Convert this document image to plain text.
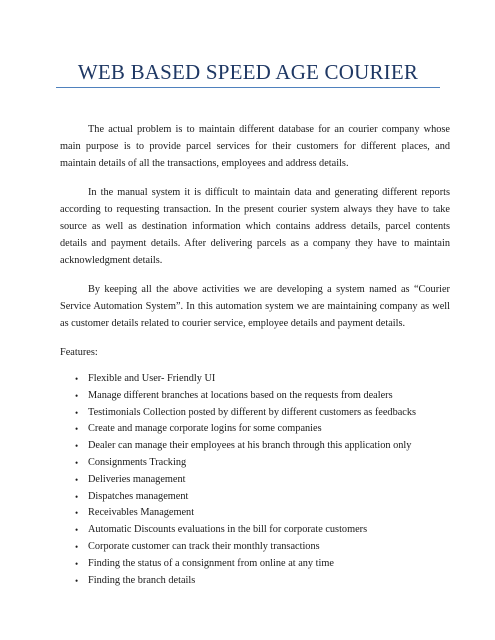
WEB BASED SPEED AGE COURIER

The actual problem is to maintain different database for an courier company whose main purpose is to provide parcel services for their customers for different places, and maintain details of all the transactions, employees and address details.

In the manual system it is difficult to maintain data and generating different reports according to requesting transaction. In the present courier system always they have to take source as well as destination information which contains address details, parcel contents details and payment details. After delivering parcels as a company they have to maintain acknowledgment details.

By keeping all the above activities we are developing a system named as “Courier Service Automation System”. In this automation system we are maintaining company as well as customer details related to courier service, employee details and payment details.

Features:
• Flexible and User- Friendly UI
• Manage different branches at locations based on the requests from dealers
• Testimonials Collection posted by different by different customers as feedbacks
• Create and manage corporate logins for some companies
• Dealer can manage their employees at his branch through this application only
• Consignments Tracking
• Deliveries management
• Dispatches management
• Receivables Management
• Automatic Discounts evaluations in the bill for corporate customers
• Corporate customer can track their monthly transactions
• Finding the status of a consignment from online at any time
• Finding the branch details
